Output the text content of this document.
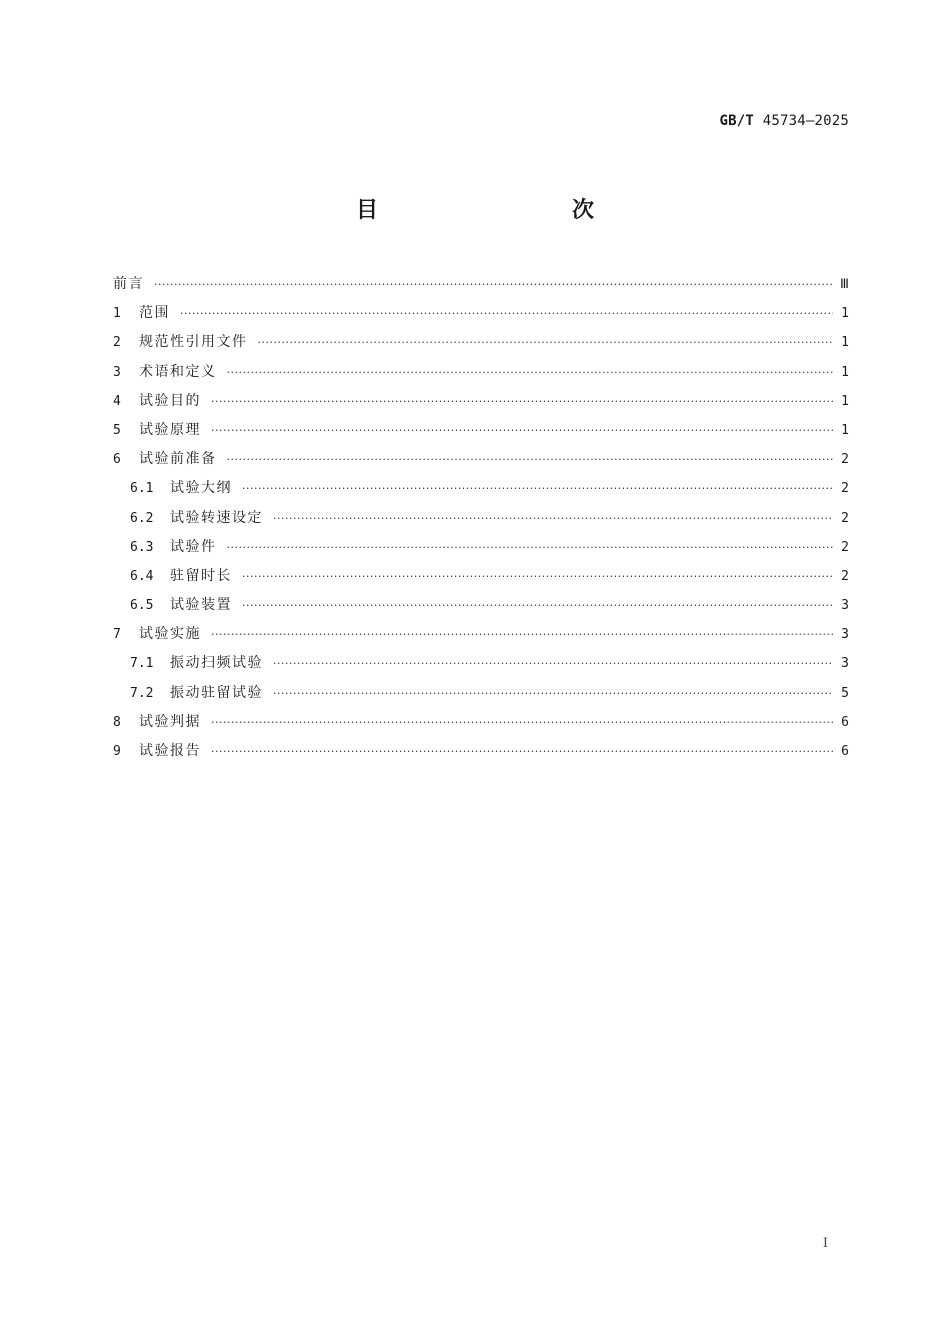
GB/T 45734—2025
目　　次
前言 ·····	Ⅲ
1	范围 ·····	1
2	规范性引用文件 ·····	1
3	术语和定义 ·····	1
4	试验目的 ·····	1
5	试验原理 ·····	1
6	试验前准备 ·····	2
6.1	试验大纲 ·····	2
6.2	试验转速设定 ·····	2
6.3	试验件 ·····	2
6.4	驻留时长 ·····	2
6.5	试验装置 ·····	3
7	试验实施 ·····	3
7.1	振动扫频试验 ·····	3
7.2	振动驻留试验 ·····	5
8	试验判据 ·····	6
9	试验报告 ·····	6
I
